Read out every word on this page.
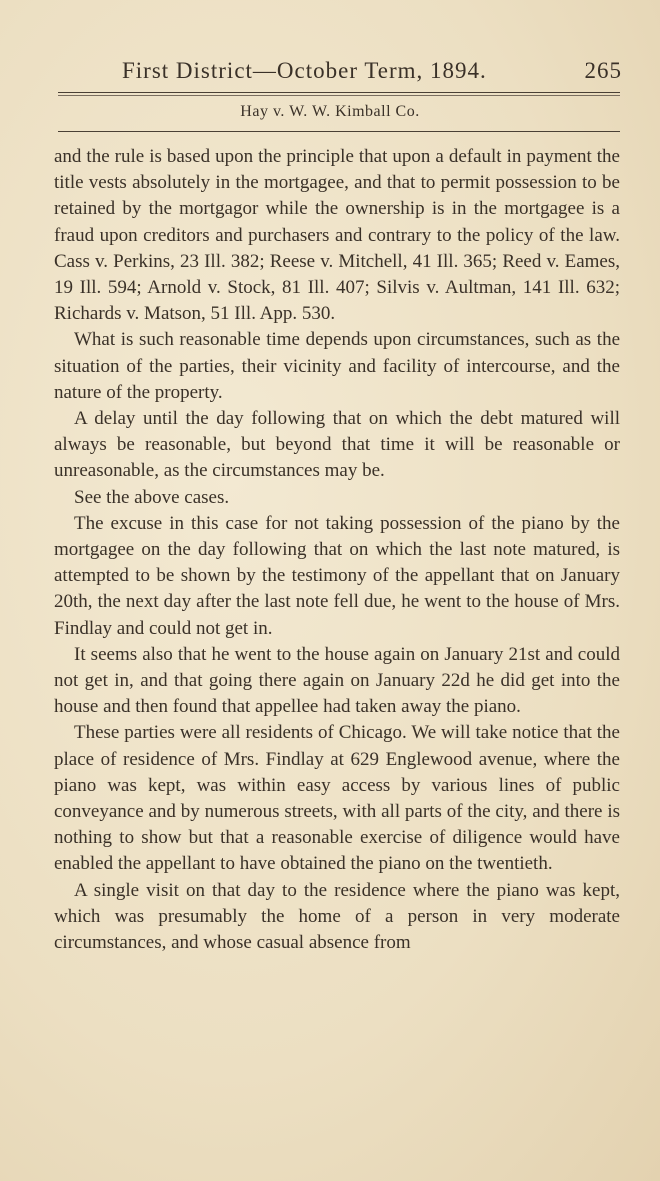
First District—October Term, 1894.	265
Hay v. W. W. Kimball Co.

and the rule is based upon the principle that upon a default in payment the title vests absolutely in the mortgagee, and that to permit possession to be retained by the mortgagor while the ownership is in the mortgagee is a fraud upon creditors and purchasers and contrary to the policy of the law. Cass v. Perkins, 23 Ill. 382; Reese v. Mitchell, 41 Ill. 365; Reed v. Eames, 19 Ill. 594; Arnold v. Stock, 81 Ill. 407; Silvis v. Aultman, 141 Ill. 632; Richards v. Matson, 51 Ill. App. 530.

What is such reasonable time depends upon circumstances, such as the situation of the parties, their vicinity and facility of intercourse, and the nature of the property.

A delay until the day following that on which the debt matured will always be reasonable, but beyond that time it will be reasonable or unreasonable, as the circumstances may be.

See the above cases.

The excuse in this case for not taking possession of the piano by the mortgagee on the day following that on which the last note matured, is attempted to be shown by the testimony of the appellant that on January 20th, the next day after the last note fell due, he went to the house of Mrs. Findlay and could not get in.

It seems also that he went to the house again on January 21st and could not get in, and that going there again on January 22d he did get into the house and then found that appellee had taken away the piano.

These parties were all residents of Chicago. We will take notice that the place of residence of Mrs. Findlay at 629 Englewood avenue, where the piano was kept, was within easy access by various lines of public conveyance and by numerous streets, with all parts of the city, and there is nothing to show but that a reasonable exercise of diligence would have enabled the appellant to have obtained the piano on the twentieth.

A single visit on that day to the residence where the piano was kept, which was presumably the home of a person in very moderate circumstances, and whose casual absence from
